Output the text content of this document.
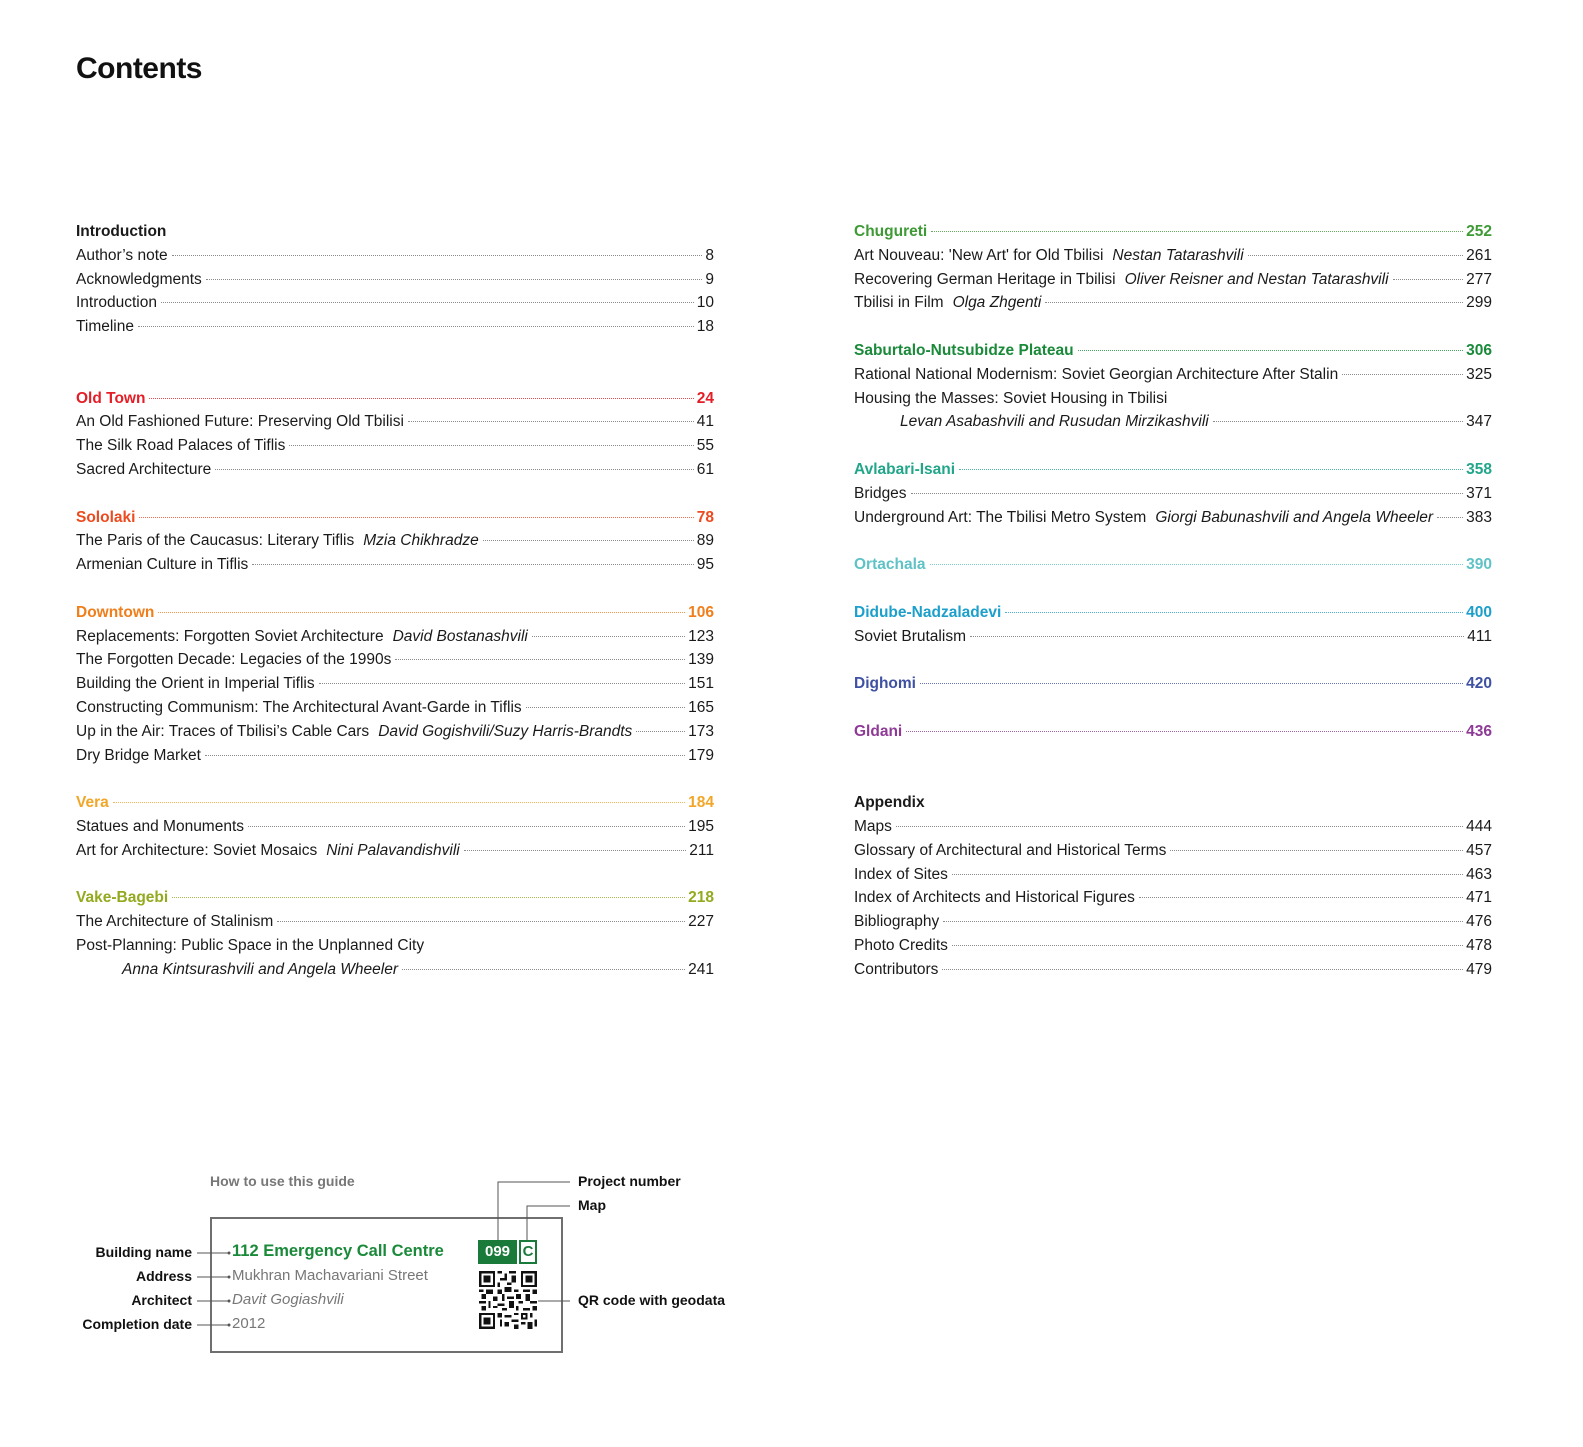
Contents
Introduction
Author’s note	8
Acknowledgments	9
Introduction	10
Timeline	18
Old Town	24
An Old Fashioned Future: Preserving Old Tbilisi	41
The Silk Road Palaces of Tiflis	55
Sacred Architecture	61
Sololaki	78
The Paris of the Caucasus: Literary Tiflis Mzia Chikhradze	89
Armenian Culture in Tiflis	95
Downtown	106
Replacements: Forgotten Soviet Architecture David Bostanashvili	123
The Forgotten Decade: Legacies of the 1990s	139
Building the Orient in Imperial Tiflis	151
Constructing Communism: The Architectural Avant-Garde in Tiflis	165
Up in the Air: Traces of Tbilisi’s Cable Cars David Gogishvili/Suzy Harris-Brandts	173
Dry Bridge Market	179
Vera	184
Statues and Monuments	195
Art for Architecture: Soviet Mosaics Nini Palavandishvili	211
Vake-Bagebi	218
The Architecture of Stalinism	227
Post-Planning: Public Space in the Unplanned City
Anna Kintsurashvili and Angela Wheeler	241
Chugureti	252
Art Nouveau: 'New Art' for Old Tbilisi Nestan Tatarashvili	261
Recovering German Heritage in Tbilisi Oliver Reisner and Nestan Tatarashvili	277
Tbilisi in Film Olga Zhgenti	299
Saburtalo-Nutsubidze Plateau	306
Rational National Modernism: Soviet Georgian Architecture After Stalin	325
Housing the Masses: Soviet Housing in Tbilisi
Levan Asabashvili and Rusudan Mirzikashvili	347
Avlabari-Isani	358
Bridges	371
Underground Art: The Tbilisi Metro System Giorgi Babunashvili and Angela Wheeler 383
Ortachala	390
Didube-Nadzaladevi	400
Soviet Brutalism	411
Dighomi	420
Gldani	436
Appendix
Maps	444
Glossary of Architectural and Historical Terms	457
Index of Sites	463
Index of Architects and Historical Figures	471
Bibliography	476
Photo Credits	478
Contributors	479
How to use this guide
112 Emergency Call Centre
Mukhran Machavariani Street
Davit Gogiashvili
2012
099 C
Building name
Address
Architect
Completion date
Project number
Map
QR code with geodata
